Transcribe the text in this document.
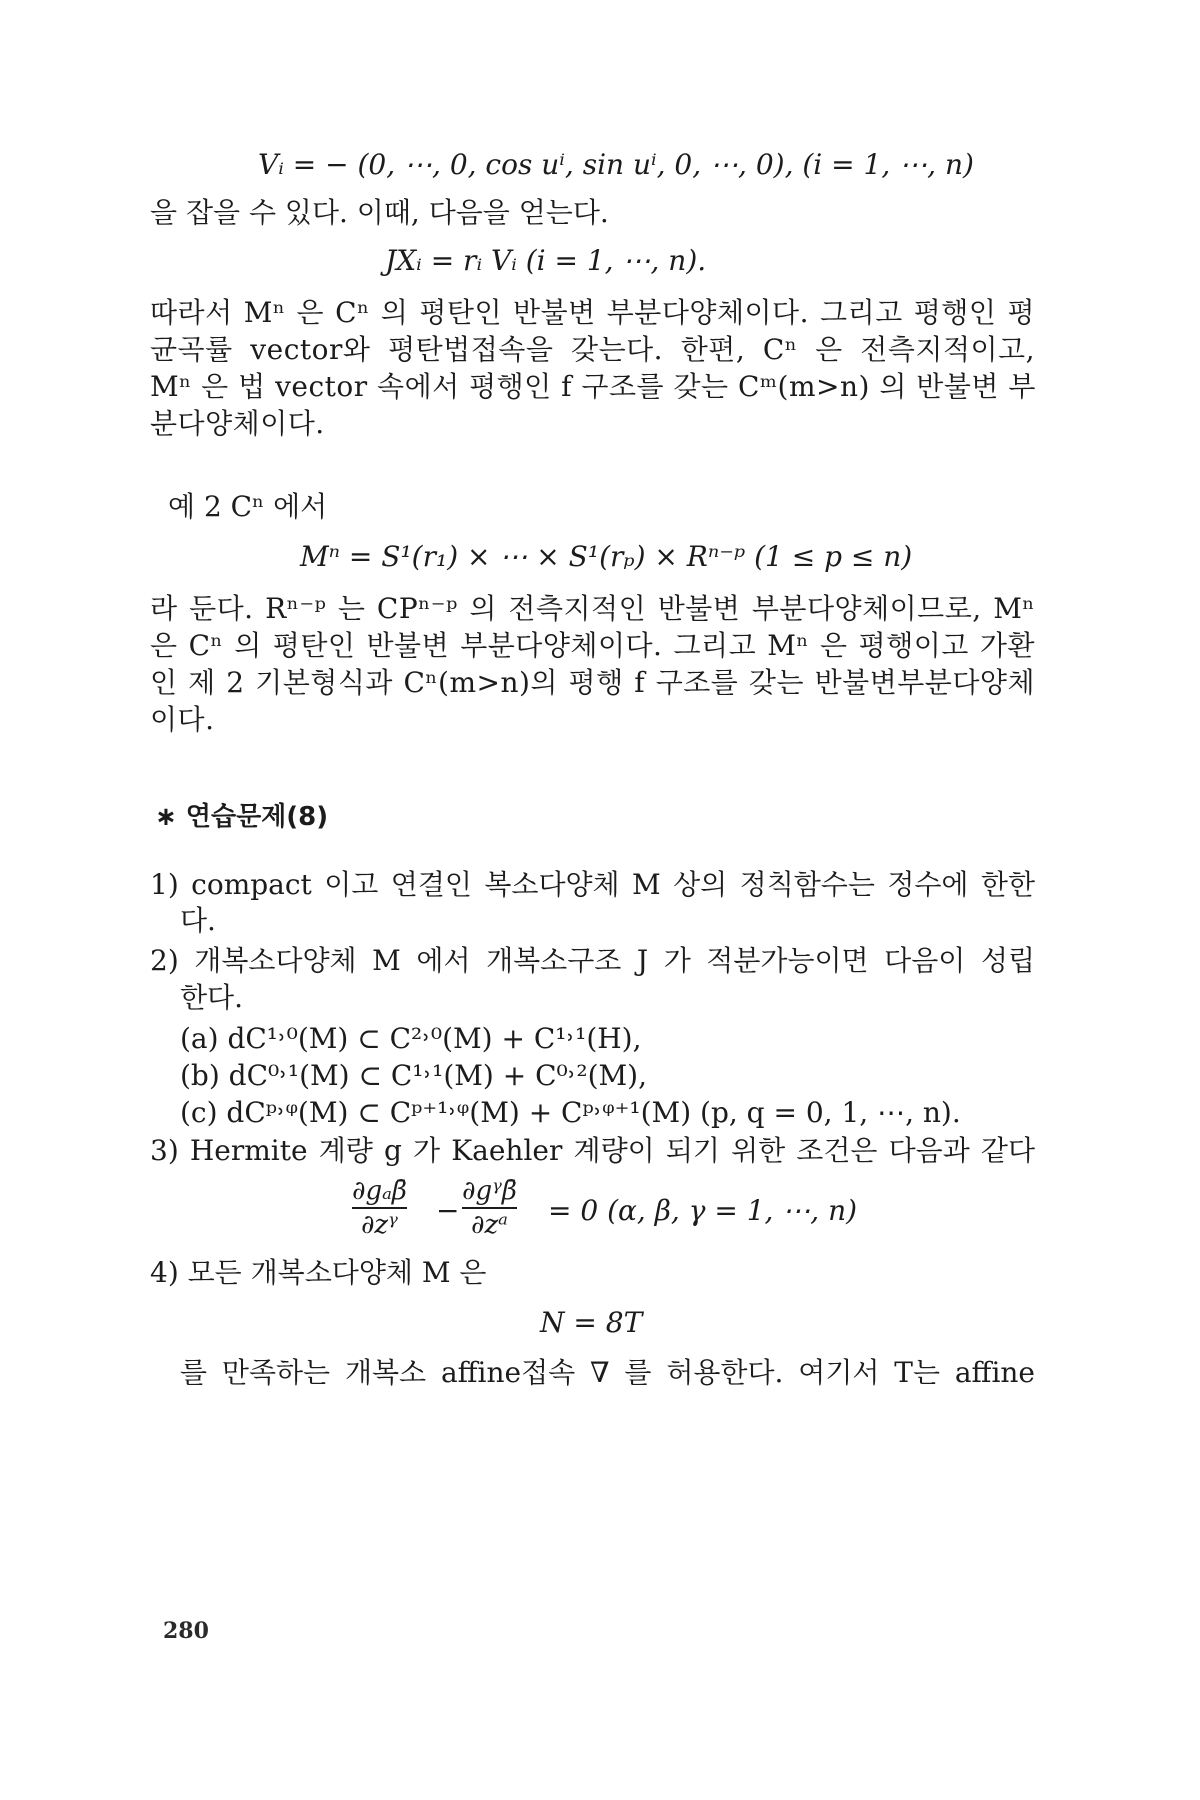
Vᵢ = − (0, ⋯, 0, cos uⁱ, sin uⁱ, 0, ⋯, 0), (i = 1, ⋯, n)
을 잡을 수 있다. 이때, 다음을 얻는다.
JXᵢ = rᵢ Vᵢ (i = 1, ⋯, n).
따라서 Mⁿ 은 Cⁿ 의 평탄인 반불변 부분다양체이다. 그리고 평행인 평
균곡률 vector와 평탄법접속을 갖는다. 한편, Cⁿ 은 전측지적이고,
Mⁿ 은 법 vector 속에서 평행인 f 구조를 갖는 Cᵐ(m>n) 의 반불변 부
분다양체이다.
예 2 Cⁿ 에서
Mⁿ = S¹(r₁) × ⋯ × S¹(rₚ) × Rⁿ⁻ᵖ (1 ≤ p ≤ n)
라 둔다. Rⁿ⁻ᵖ 는 CPⁿ⁻ᵖ 의 전측지적인 반불변 부분다양체이므로, Mⁿ
은 Cⁿ 의 평탄인 반불변 부분다양체이다. 그리고 Mⁿ 은 평행이고 가환
인 제 2 기본형식과 Cⁿ(m>n)의 평행 f 구조를 갖는 반불변부분다양체
이다.
∗ 연습문제(8)
1) compact 이고 연결인 복소다양체 M 상의 정칙함수는 정수에 한한
다.
2) 개복소다양체 M 에서 개복소구조 J 가 적분가능이면 다음이 성립
한다.
(a) dC¹˒⁰(M) ⊂ C²˒⁰(M) + C¹˒¹(H),
(b) dC⁰˒¹(M) ⊂ C¹˒¹(M) + C⁰˒²(M),
(c) dCᵖ˒ᵠ(M) ⊂ Cᵖ⁺¹˒ᵠ(M) + Cᵖ˒ᵠ⁺¹(M) (p, q = 0, 1, ⋯, n).
3) Hermite 계량 g 가 Kaehler 계량이 되기 위한 조건은 다음과 같다
∂gₐβ̄
∂zᵞ	−
∂gᵞβ̄
∂zᵃ	= 0 (α, β, γ = 1, ⋯, n)
4) 모든 개복소다양체 M 은
N = 8T
를 만족하는 개복소 affine접속 ∇ 를 허용한다. 여기서 T는 affine
280
